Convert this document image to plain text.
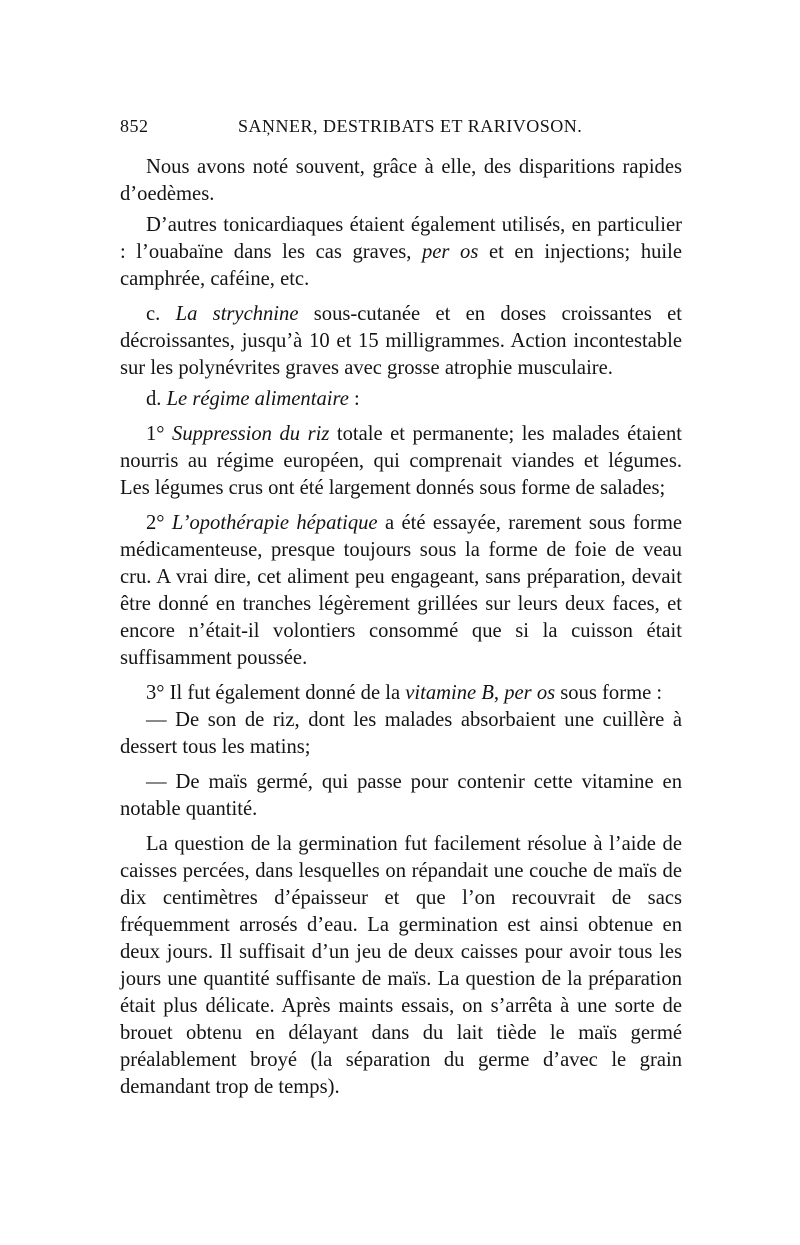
852	SAŅNER, DESTRIBATS ET RARIVOSON.

Nous avons noté souvent, grâce à elle, des disparitions rapides d’oedèmes.

D’autres tonicardiaques étaient également utilisés, en particulier : l’ouabaïne dans les cas graves, per os et en injections; huile camphrée, caféine, etc.

c. La strychnine sous-cutanée et en doses croissantes et décroissantes, jusqu’à 10 et 15 milligrammes. Action incontestable sur les polynévrites graves avec grosse atrophie musculaire.

d. Le régime alimentaire :

1° Suppression du riz totale et permanente; les malades étaient nourris au régime européen, qui comprenait viandes et légumes. Les légumes crus ont été largement donnés sous forme de salades;

2° L’opothérapie hépatique a été essayée, rarement sous forme médicamenteuse, presque toujours sous la forme de foie de veau cru. A vrai dire, cet aliment peu engageant, sans préparation, devait être donné en tranches légèrement grillées sur leurs deux faces, et encore n’était-il volontiers consommé que si la cuisson était suffisamment poussée.

3° Il fut également donné de la vitamine B, per os sous forme :

— De son de riz, dont les malades absorbaient une cuillère à dessert tous les matins;

— De maïs germé, qui passe pour contenir cette vitamine en notable quantité.

La question de la germination fut facilement résolue à l’aide de caisses percées, dans lesquelles on répandait une couche de maïs de dix centimètres d’épaisseur et que l’on recouvrait de sacs fréquemment arrosés d’eau. La germination est ainsi obtenue en deux jours. Il suffisait d’un jeu de deux caisses pour avoir tous les jours une quantité suffisante de maïs. La question de la préparation était plus délicate. Après maints essais, on s’arrêta à une sorte de brouet obtenu en délayant dans du lait tiède le maïs germé préalablement broyé (la séparation du germe d’avec le grain demandant trop de temps).
